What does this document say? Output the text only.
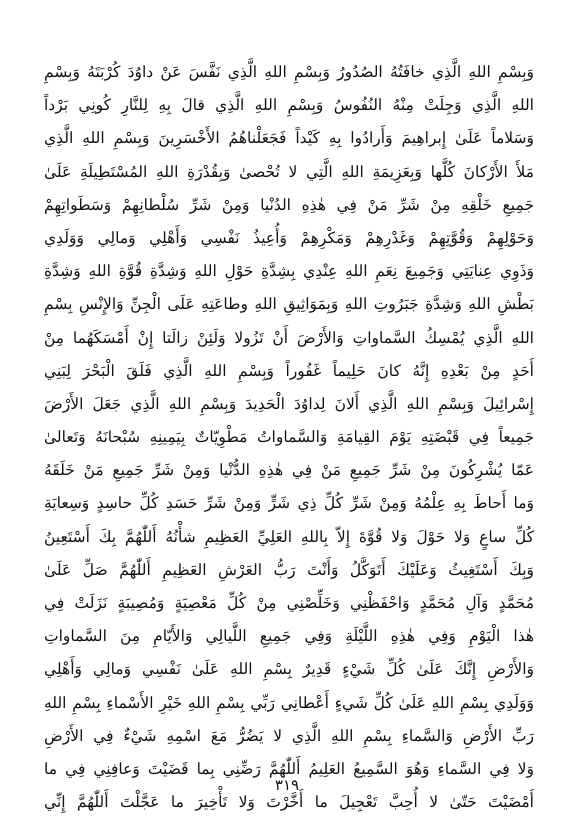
وَبِسْمِ اللهِ الَّذِي خافَتُهُ الصُدُورُ وَبِسْمِ اللهِ الَّذِي نَفَّسَ عَنْ داوُدَ كُرْبَتَهُ وَبِسْمِ
اللهِ الَّذِي وَجِلَتْ مِنْهُ النُفُوسُ وَبِسْمِ اللهِ الَّذِي قالَ بِهِ لِلنَّارِ كُونِي بَرْداً
وَسَلاماً عَلَىٰ إِبراهِيمَ وَأَرادُوا بِهِ كَيْداً فَجَعَلْناهُمُ الأَخْسَرِينَ وَبِسْمِ اللهِ الَّذِي
مَلأَ الأَرْكانَ كُلَّها وَبِعَزِيمَةِ اللهِ الَّتِي لا تُحْصىٰ وَبِقُدْرَةِ اللهِ المُسْتَطِيلَةِ عَلَىٰ
جَمِيعِ خَلْقِهِ مِنْ شَرِّ مَنْ فِي هٰذِهِ الدُنْيا وَمِنْ شَرِّ سُلْطانِهِمْ وَسَطَواتِهِمْ
وَحَوْلِهِمْ وَقُوَّتِهِمْ وَغَدْرِهِمْ وَمَكْرِهِمْ وَأُعِيذُ نَفْسِي وَأَهْلِي وَمالِي وَوَلَدِي
وَذَوِي عِنايَتِي وَجَمِيعَ نِعَمِ اللهِ عِنْدِي بِشِدَّةِ حَوْلِ اللهِ وَشِدَّةِ قُوَّةِ اللهِ وَشِدَّةِ
بَطْشِ اللهِ وَشِدَّةِ جَبَرُوتِ اللهِ وَبِمَوَاثِيقِ اللهِ وطاعَتِهِ عَلَى الْجِنِّ وَالإِنْسِ بِسْمِ
اللهِ الَّذِي يُمْسِكُ السَّماواتِ وَالأَرْضَ أَنْ تَزُولا وَلَئِنْ زالَتا إِنْ أَمْسَكَهُما مِنْ
أَحَدٍ مِنْ بَعْدِهِ إِنَّهُ كانَ حَلِيماً غَفُوراً وَبِسْمِ اللهِ الَّذِي فَلَقَ الْبَحْرَ لِبَنِي
إِسْرائِيلَ وَبِسْمِ اللهِ الَّذِي أَلانَ لِداوُدَ الْحَدِيدَ وَبِسْمِ اللهِ الَّذِي جَعَلَ الأَرْضَ
جَمِيعاً فِي قَبْضَتِهِ يَوْمَ القِيامَةِ وَالسَّماواتُ مَطْوِيّاتٌ بِيَمِينِهِ سُبْحانَهُ وَتَعالىٰ
عَمّا يُشْرِكُونَ مِنْ شَرِّ جَمِيعِ مَنْ فِي هٰذِهِ الدُّنْيا وَمِنْ شَرِّ جَمِيعِ مَنْ خَلَقَهُ
وَما أَحاطَ بِهِ عِلْمُهُ وَمِنْ شَرِّ كُلِّ ذِي شَرٍّ وَمِنْ شَرِّ حَسَدِ كُلِّ حاسِدٍ وَسِعايَةِ
كُلِّ ساعٍ وَلا حَوْلَ وَلا قُوَّةَ إِلاّ بِاللهِ العَلِيِّ العَظِيمِ شأْنُهُ أَللّٰهُمَّ بِكَ أَسْتَعِينُ
وَبِكَ أَسْتَغِيثُ وَعَلَيْكَ أَتَوَكَّلُ وَأَنْتَ رَبُّ العَرْشِ العَظِيمِ أَللّٰهُمَّ صَلِّ عَلَىٰ
مُحَمَّدٍ وَآلِ مُحَمَّدٍ وَاحْفَظْنِي وَخَلِّصْنِي مِنْ كُلِّ مَعْصِيَةٍ وَمُصِيبَةٍ نَزَلَتْ فِي
هٰذا الْيَوْمِ وَفِي هٰذِهِ اللَّيْلَةِ وَفِي جَمِيعِ اللَّيالِي وَالأَيّامِ مِنَ السَّماواتِ
وَالأَرْضِ إِنَّكَ عَلَىٰ كُلِّ شَيْءٍ قَدِيرٌ بِسْمِ اللهِ عَلَىٰ نَفْسِي وَمالِي وَأَهْلِي
وَوَلَدِي بِسْمِ اللهِ عَلَىٰ كُلِّ شَيءٍ أَعْطانِي رَبِّي بِسْمِ اللهِ خَيْرِ الأَسْماءِ بِسْمِ اللهِ
رَبِّ الأَرْضِ وَالسَّماءِ بِسْمِ اللهِ الَّذِي لا يَضُرُّ مَعَ اسْمِهِ شَيْءٌ فِي الأَرْضِ
وَلا فِي السَّماءِ وَهُوَ السَّمِيعُ العَلِيمُ أَللّٰهُمَّ رَضِّنِي بِما قَضَيْتَ وَعافِنِي فِي ما
أَمْضَيْتَ حَتّىٰ لا أُحِبَّ تَعْجِيلَ ما أَخَّرْتَ وَلا تَأْخِيرَ ما عَجَّلْتَ أَللّٰهُمَّ إِنِّي
٣١٩
